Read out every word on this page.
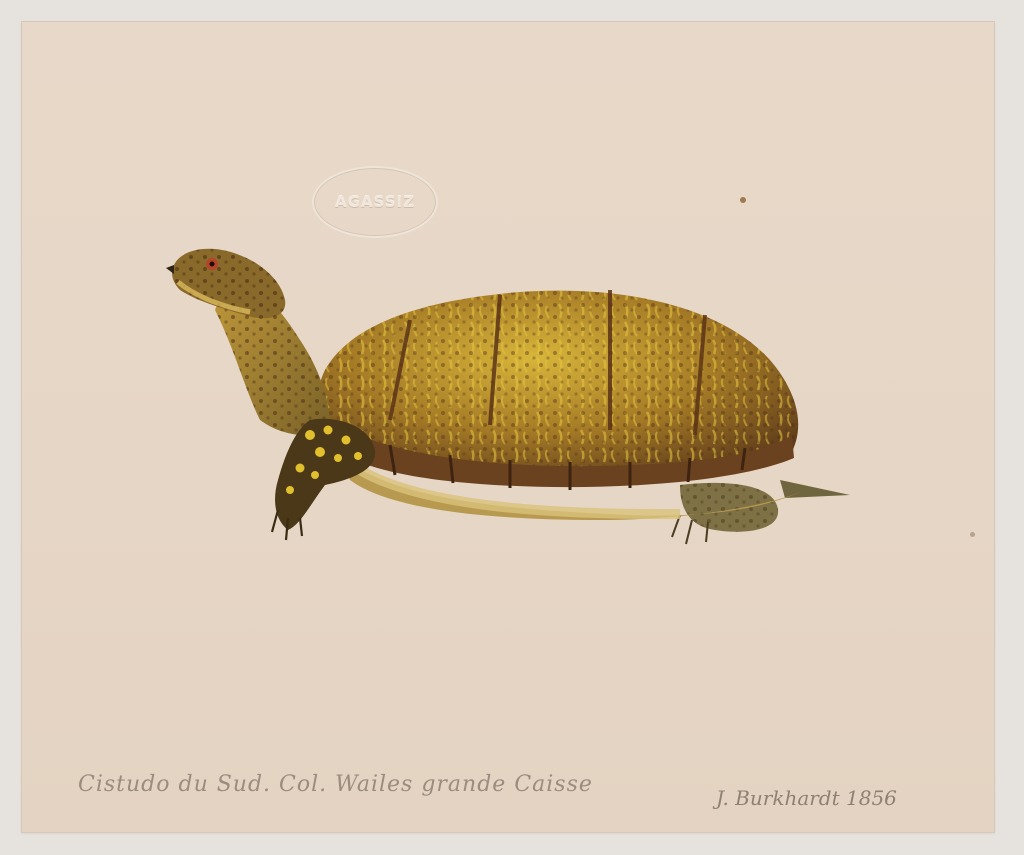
AGASSIZ
Cistudo du Sud. Col. Wailes grande Caisse
J. Burkhardt 1856
